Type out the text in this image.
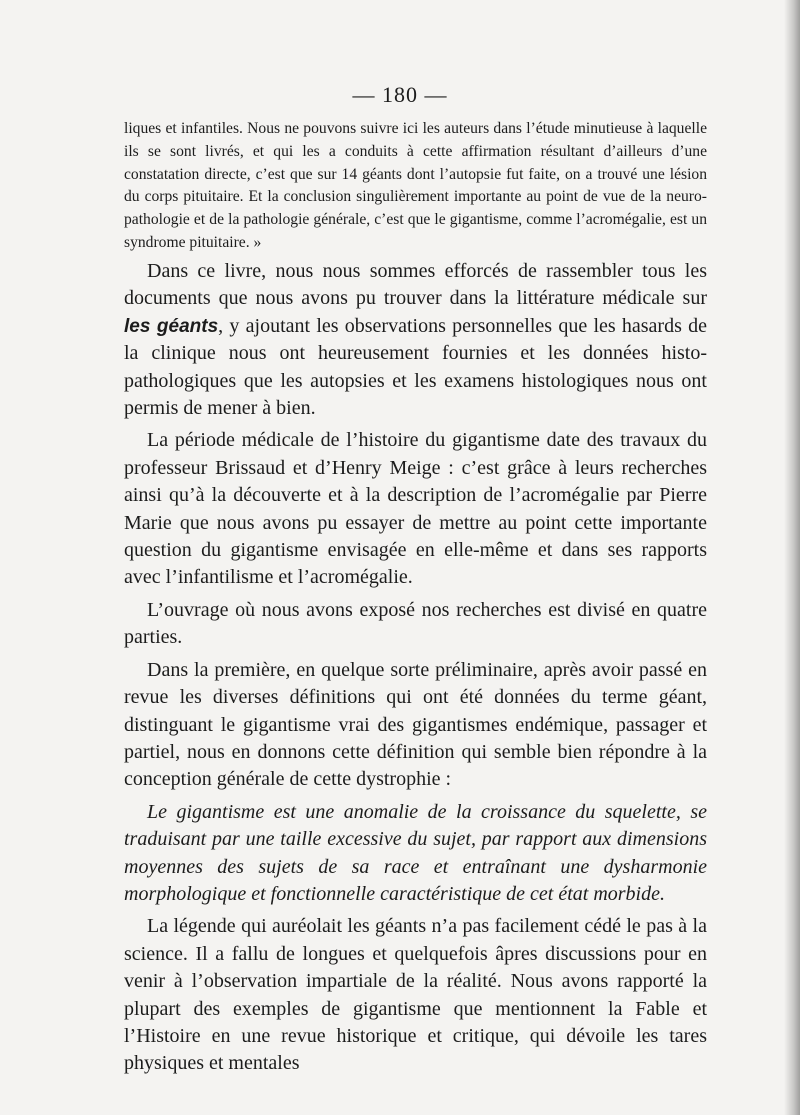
— 180 —

liques et infantiles. Nous ne pouvons suivre ici les auteurs dans l’étude minutieuse à laquelle ils se sont livrés, et qui les a conduits à cette affirmation résultant d’ailleurs d’une constatation directe, c’est que sur 14 géants dont l’autopsie fut faite, on a trouvé une lésion du corps pituitaire. Et la conclusion singulièrement importante au point de vue de la neuro-pathologie et de la pathologie générale, c’est que le gigantisme, comme l’acromégalie, est un syndrome pituitaire. »

Dans ce livre, nous nous sommes efforcés de rassembler tous les documents que nous avons pu trouver dans la littérature médicale sur les géants, y ajoutant les observations personnelles que les hasards de la clinique nous ont heureusement fournies et les données histo-pathologiques que les autopsies et les examens histologiques nous ont permis de mener à bien.

La période médicale de l’histoire du gigantisme date des travaux du professeur Brissaud et d’Henry Meige : c’est grâce à leurs recherches ainsi qu’à la découverte et à la description de l’acromégalie par Pierre Marie que nous avons pu essayer de mettre au point cette importante question du gigantisme envisagée en elle-même et dans ses rapports avec l’infantilisme et l’acromégalie.

L’ouvrage où nous avons exposé nos recherches est divisé en quatre parties.

Dans la première, en quelque sorte préliminaire, après avoir passé en revue les diverses définitions qui ont été données du terme géant, distinguant le gigantisme vrai des gigantismes endémique, passager et partiel, nous en donnons cette définition qui semble bien répondre à la conception générale de cette dystrophie :

Le gigantisme est une anomalie de la croissance du squelette, se traduisant par une taille excessive du sujet, par rapport aux dimensions moyennes des sujets de sa race et entraînant une dysharmonie morphologique et fonctionnelle caractéristique de cet état morbide.

La légende qui auréolait les géants n’a pas facilement cédé le pas à la science. Il a fallu de longues et quelquefois âpres discussions pour en venir à l’observation impartiale de la réalité. Nous avons rapporté la plupart des exemples de gigantisme que mentionnent la Fable et l’Histoire en une revue historique et critique, qui dévoile les tares physiques et mentales
